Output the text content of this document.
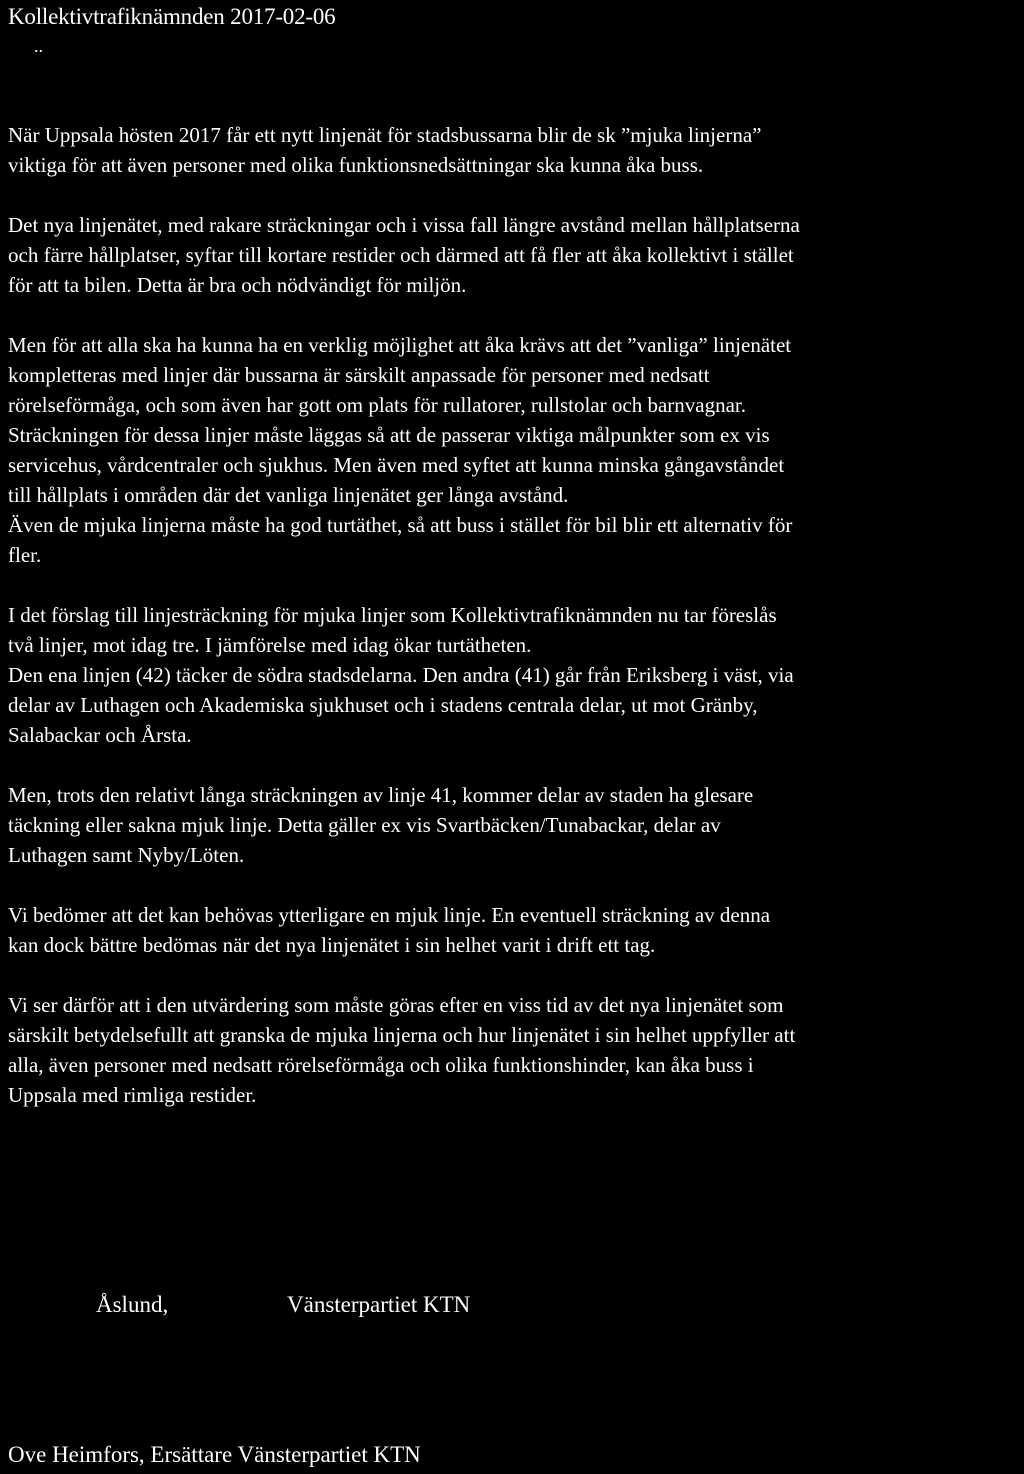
Kollektivtrafiknämnden 2017-02-06
..

När Uppsala hösten 2017 får ett nytt linjenät för stadsbussarna blir de sk ”mjuka linjerna”
viktiga för att även personer med olika funktionsnedsättningar ska kunna åka buss.

Det nya linjenätet, med rakare sträckningar och i vissa fall längre avstånd mellan hållplatserna
och färre hållplatser, syftar till kortare restider och därmed att få fler att åka kollektivt i stället
för att ta bilen. Detta är bra och nödvändigt för miljön.

Men för att alla ska ha kunna ha en verklig möjlighet att åka krävs att det ”vanliga” linjenätet
kompletteras med linjer där bussarna är särskilt anpassade för personer med nedsatt
rörelseförmåga, och som även har gott om plats för rullatorer, rullstolar och barnvagnar.
Sträckningen för dessa linjer måste läggas så att de passerar viktiga målpunkter som ex vis
servicehus, vårdcentraler och sjukhus. Men även med syftet att kunna minska gångavståndet
till hållplats i områden där det vanliga linjenätet ger långa avstånd.
Även de mjuka linjerna måste ha god turtäthet, så att buss i stället för bil blir ett alternativ för
fler.

I det förslag till linjesträckning för mjuka linjer som Kollektivtrafiknämnden nu tar föreslås
två linjer, mot idag tre. I jämförelse med idag ökar turtätheten.
Den ena linjen (42) täcker de södra stadsdelarna. Den andra (41) går från Eriksberg i väst, via
delar av Luthagen och Akademiska sjukhuset och i stadens centrala delar, ut mot Gränby,
Salabackar och Årsta.

Men, trots den relativt långa sträckningen av linje 41, kommer delar av staden ha glesare
täckning eller sakna mjuk linje. Detta gäller ex vis Svartbäcken/Tunabackar, delar av
Luthagen samt Nyby/Löten.

Vi bedömer att det kan behövas ytterligare en mjuk linje. En eventuell sträckning av denna
kan dock bättre bedömas när det nya linjenätet i sin helhet varit i drift ett tag.

Vi ser därför att i den utvärdering som måste göras efter en viss tid av det nya linjenätet som
särskilt betydelsefullt att granska de mjuka linjerna och hur linjenätet i sin helhet uppfyller att
alla, även personer med nedsatt rörelseförmåga och olika funktionshinder, kan åka buss i
Uppsala med rimliga restider.

Åslund,	Vänsterpartiet KTN
Ove Heimfors, Ersättare Vänsterpartiet KTN
